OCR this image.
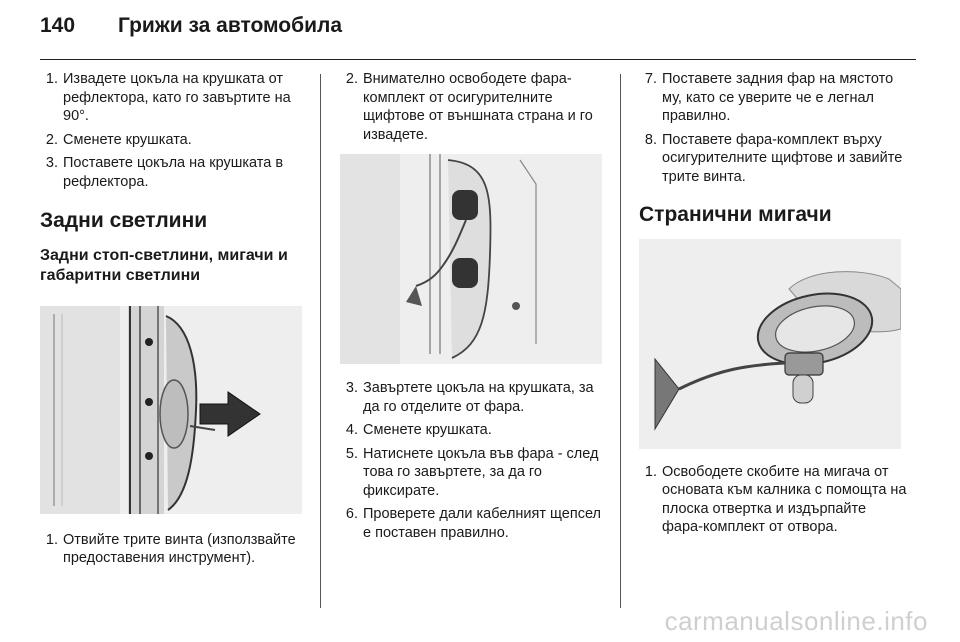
140 Грижи за автомобила
1. Извадете цокъла на крушката от рефлектора, като го завъртите на 90°.
2. Сменете крушката.
3. Поставете цокъла на крушката в рефлектора.
Задни светлини
Задни стоп-светлини, мигачи и габаритни светлини
1. Отвийте трите винта (използвайте предоставения инструмент).
2. Внимателно освободете фара-комплект от осигурителните щифтове от външната страна и го извадете.
3. Завъртете цокъла на крушката, за да го отделите от фара.
4. Сменете крушката.
5. Натиснете цокъла във фара - след това го завъртете, за да го фиксирате.
6. Проверете дали кабелният щепсел е поставен правилно.
7. Поставете задния фар на мястото му, като се уверите че е легнал правилно.
8. Поставете фара-комплект върху осигурителните щифтове и завийте трите винта.
Странични мигачи
1. Освободете скобите на мигача от основата към калника с помощта на плоска отвертка и издърпайте фара-комплект от отвора.
carmanualsonline.info
